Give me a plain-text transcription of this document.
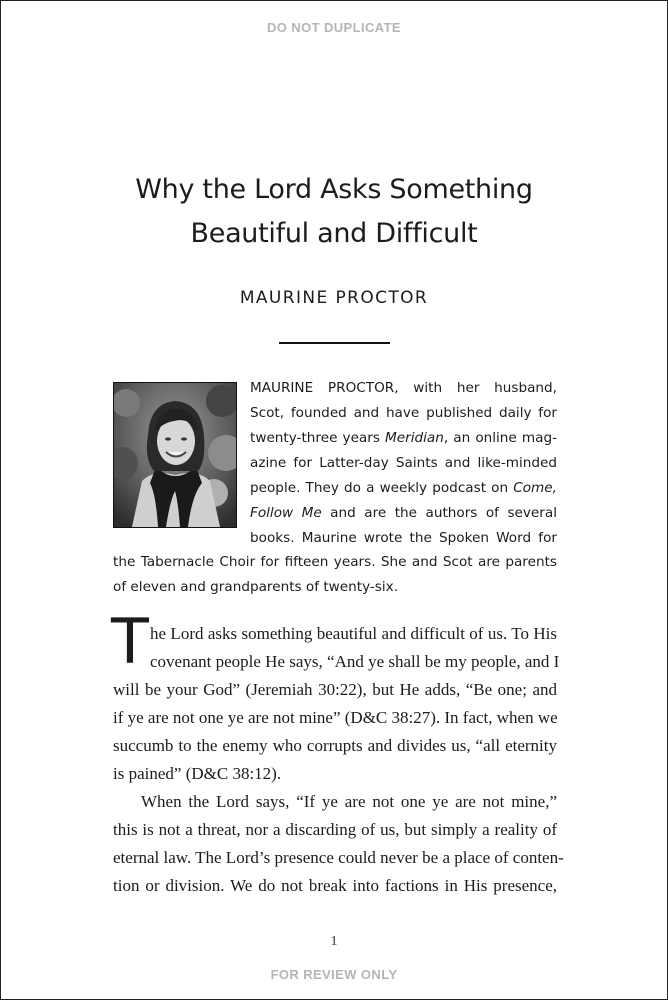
DO NOT DUPLICATE
Why the Lord Asks Something
Beautiful and Difficult
MAURINE PROCTOR
MAURINE PROCTOR, with her husband,
Scot, founded and have published daily for
twenty-three years Meridian, an online mag-
azine for Latter-day Saints and like-minded
people. They do a weekly podcast on Come,
Follow Me and are the authors of several
books. Maurine wrote the Spoken Word for
the Tabernacle Choir for fifteen years. She and Scot are parents
of eleven and grandparents of twenty-six.
T he Lord asks something beautiful and difficult of us. To His
covenant people He says, “And ye shall be my people, and I
will be your God” (Jeremiah 30:22), but He adds, “Be one; and
if ye are not one ye are not mine” (D&C 38:27). In fact, when we
succumb to the enemy who corrupts and divides us, “all eternity
is pained” (D&C 38:12).
When the Lord says, “If ye are not one ye are not mine,”
this is not a threat, nor a discarding of us, but simply a reality of
eternal law. The Lord’s presence could never be a place of conten-
tion or division. We do not break into factions in His presence,
1
FOR REVIEW ONLY
